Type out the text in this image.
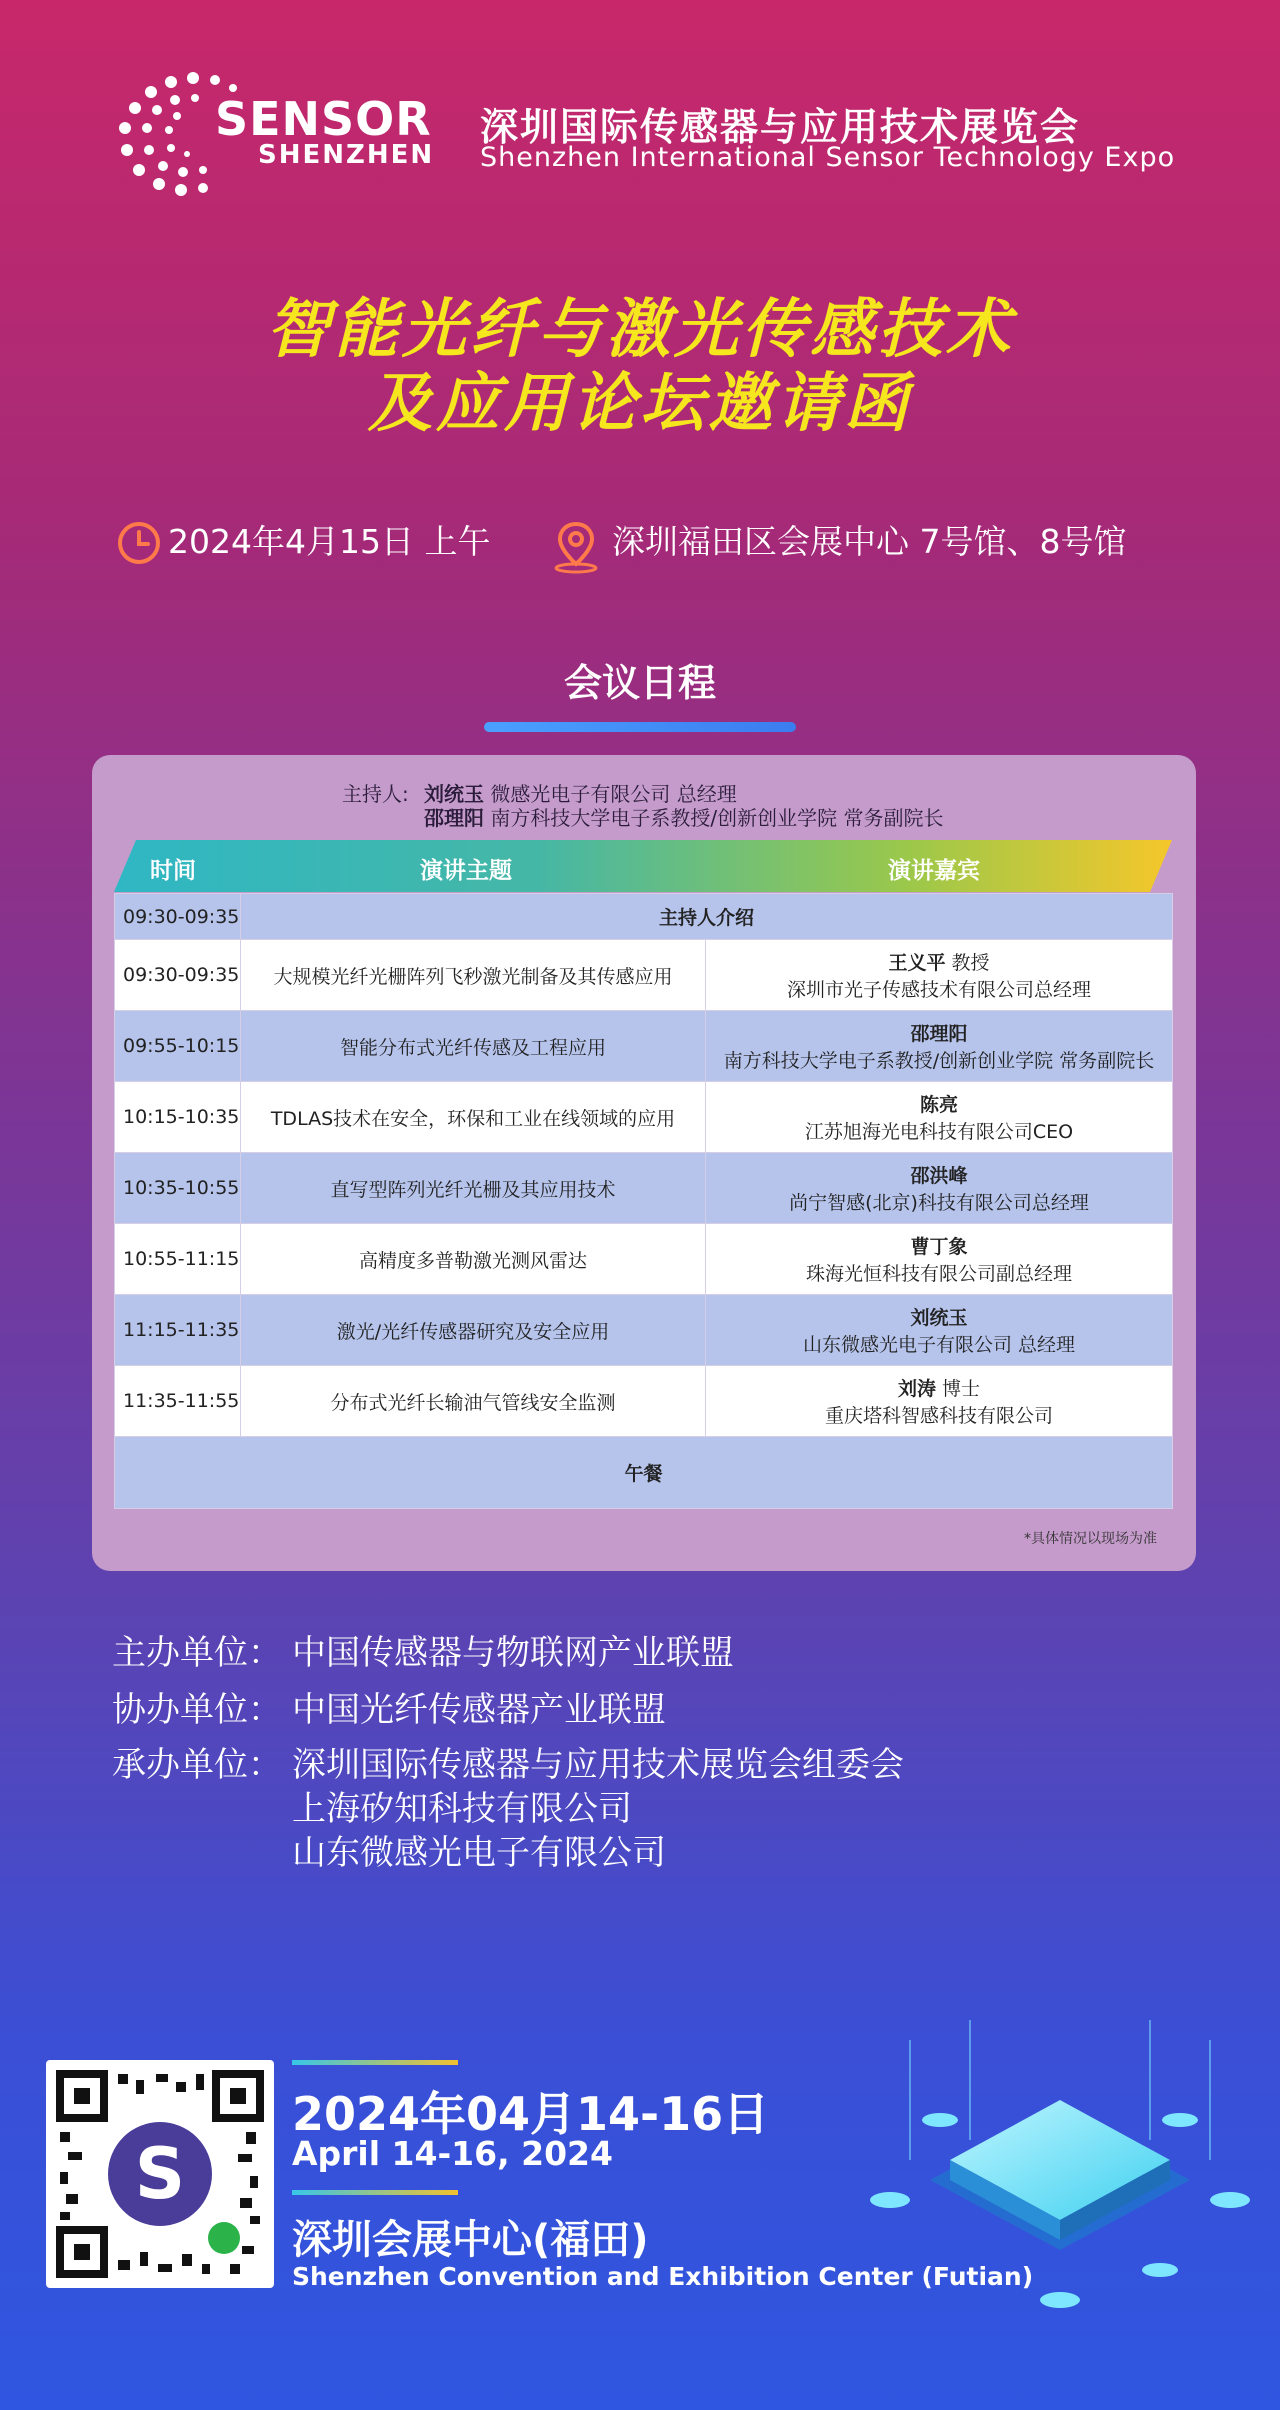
SENSOR
SHENZHEN
深圳国际传感器与应用技术展览会
Shenzhen International Sensor Technology Expo
智能光纤与激光传感技术
及应用论坛邀请函
2024年4月15日 上午	深圳福田区会展中心 7号馆、8号馆
会议日程
主持人: 刘统玉 微感光电子有限公司 总经理
邵理阳 南方科技大学电子系教授/创新创业学院 常务副院长
时间	演讲主题	演讲嘉宾
09:30-09:35	主持人介绍	
09:30-09:35	大规模光纤光栅阵列飞秒激光制备及其传感应用	王义平 教授
深圳市光子传感技术有限公司总经理
09:55-10:15	智能分布式光纤传感及工程应用	邵理阳
南方科技大学电子系教授/创新创业学院 常务副院长
10:15-10:35	TDLAS技术在安全，环保和工业在线领域的应用	陈亮
江苏旭海光电科技有限公司CEO
10:35-10:55	直写型阵列光纤光栅及其应用技术	邵洪峰
尚宁智感(北京)科技有限公司总经理
10:55-11:15	高精度多普勒激光测风雷达	曹丁象
珠海光恒科技有限公司副总经理
11:15-11:35	激光/光纤传感器研究及安全应用	刘统玉
山东微感光电子有限公司 总经理
11:35-11:55	分布式光纤长输油气管线安全监测	刘涛 博士
重庆塔科智感科技有限公司
午餐		
*具体情况以现场为准
主办单位： 中国传感器与物联网产业联盟
协办单位： 中国光纤传感器产业联盟
承办单位： 深圳国际传感器与应用技术展览会组委会
上海矽知科技有限公司
山东微感光电子有限公司
S
2024年04月14-16日
April 14-16, 2024
深圳会展中心(福田)
Shenzhen Convention and Exhibition Center (Futian)
